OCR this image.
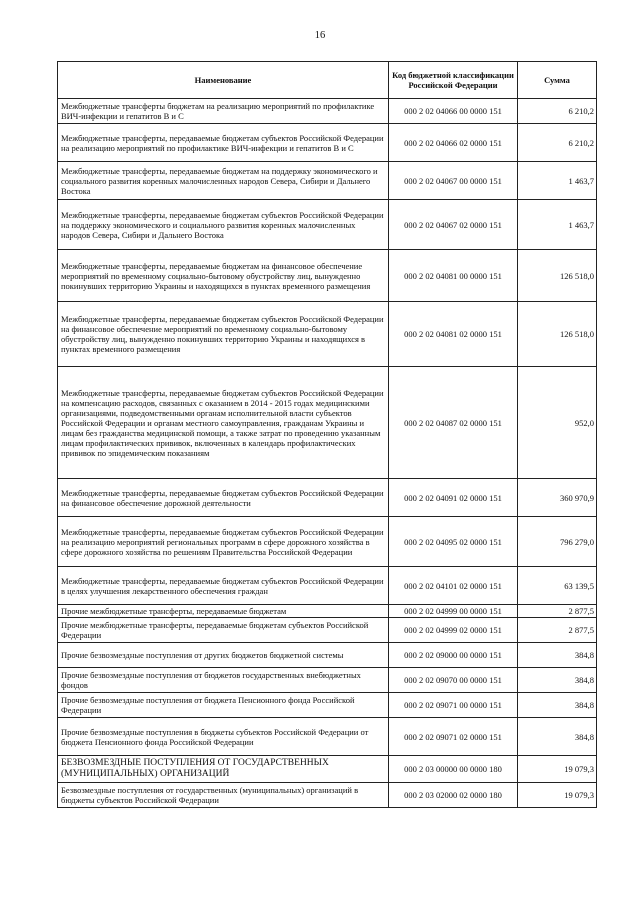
16
Наименование	Код бюджетной классификации Российской Федерации	Сумма
Межбюджетные трансферты бюджетам на реализацию мероприятий по профилактике ВИЧ-инфекции и гепатитов В и С	000 2 02 04066 00 0000 151	6 210,2
Межбюджетные трансферты, передаваемые бюджетам субъектов Российской Федерации на реализацию мероприятий по профилактике ВИЧ-инфекции и гепатитов В и С	000 2 02 04066 02 0000 151	6 210,2
Межбюджетные трансферты, передаваемые бюджетам на поддержку экономического и социального развития коренных малочисленных народов Севера, Сибири и Дальнего Востока	000 2 02 04067 00 0000 151	1 463,7
Межбюджетные трансферты, передаваемые бюджетам субъектов Российской Федерации на поддержку экономического и социального развития коренных малочисленных народов Севера, Сибири и Дальнего Востока	000 2 02 04067 02 0000 151	1 463,7
Межбюджетные трансферты, передаваемые бюджетам на финансовое обеспечение мероприятий по временному социально-бытовому обустройству лиц, вынужденно покинувших территорию Украины и находящихся в пунктах временного размещения	000 2 02 04081 00 0000 151	126 518,0
Межбюджетные трансферты, передаваемые бюджетам субъектов Российской Федерации на финансовое обеспечение мероприятий по временному социально-бытовому обустройству лиц, вынужденно покинувших территорию Украины и находящихся в пунктах временного размещения	000 2 02 04081 02 0000 151	126 518,0
Межбюджетные трансферты, передаваемые бюджетам субъектов Российской Федерации на компенсацию расходов, связанных с оказанием в 2014 - 2015 годах медицинскими организациями, подведомственными органам исполнительной власти субъектов Российской Федерации и органам местного самоуправления, гражданам Украины и лицам без гражданства медицинской помощи, а также затрат по проведению указанным лицам профилактических прививок, включенных в календарь профилактических прививок по эпидемическим показаниям	000 2 02 04087 02 0000 151	952,0
Межбюджетные трансферты, передаваемые бюджетам субъектов Российской Федерации на финансовое обеспечение дорожной деятельности	000 2 02 04091 02 0000 151	360 970,9
Межбюджетные трансферты, передаваемые бюджетам субъектов Российской Федерации на реализацию мероприятий региональных программ в сфере дорожного хозяйства в сфере дорожного хозяйства по решениям Правительства Российской Федерации	000 2 02 04095 02 0000 151	796 279,0
Межбюджетные трансферты, передаваемые бюджетам субъектов Российской Федерации в целях улучшения лекарственного обеспечения граждан	000 2 02 04101 02 0000 151	63 139,5
Прочие межбюджетные трансферты, передаваемые бюджетам	000 2 02 04999 00 0000 151	2 877,5
Прочие межбюджетные трансферты, передаваемые бюджетам субъектов Российской Федерации	000 2 02 04999 02 0000 151	2 877,5
Прочие безвозмездные поступления от других бюджетов бюджетной системы	000 2 02 09000 00 0000 151	384,8
Прочие безвозмездные поступления от бюджетов государственных внебюджетных фондов	000 2 02 09070 00 0000 151	384,8
Прочие безвозмездные поступления от бюджета Пенсионного фонда Российской Федерации	000 2 02 09071 00 0000 151	384,8
Прочие безвозмездные поступления в бюджеты субъектов Российской Федерации от бюджета Пенсионного фонда Российской Федерации	000 2 02 09071 02 0000 151	384,8
БЕЗВОЗМЕЗДНЫЕ ПОСТУПЛЕНИЯ ОТ ГОСУДАРСТВЕННЫХ (МУНИЦИПАЛЬНЫХ) ОРГАНИЗАЦИЙ	000 2 03 00000 00 0000 180	19 079,3
Безвозмездные поступления от государственных (муниципальных) организаций в бюджеты субъектов Российской Федерации	000 2 03 02000 02 0000 180	19 079,3
